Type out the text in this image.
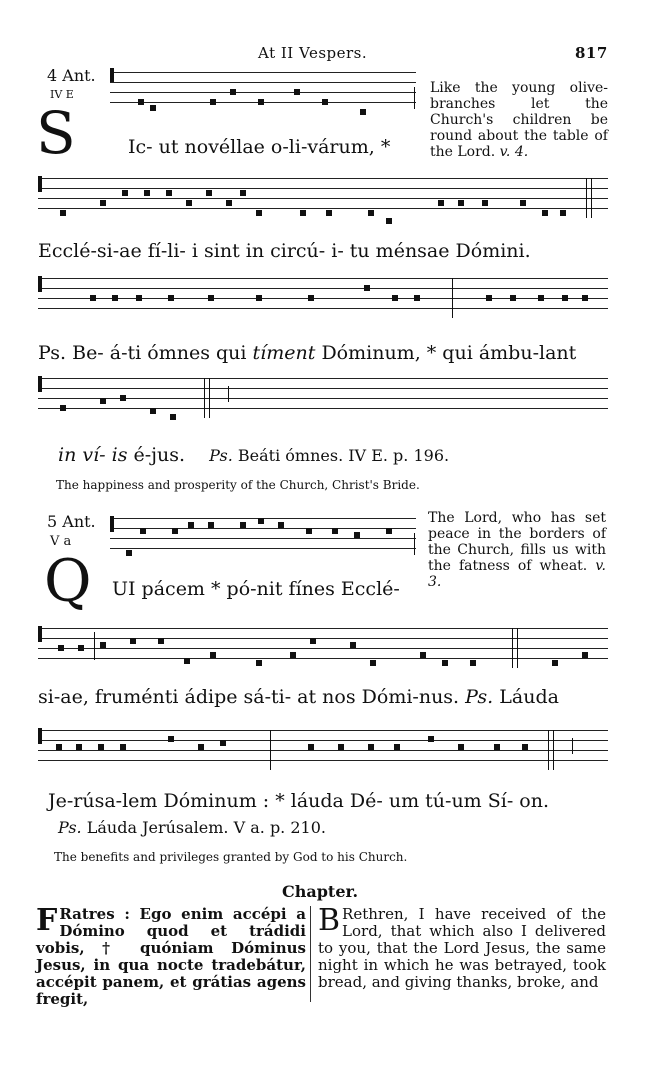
At II Vespers.	817
4 Ant.
IV E
S	Ic- ut novéllae o-li-várum, *
Like the young olive-branches let the Church's children be round about the table of the Lord. v. 4.
Ecclé-si-ae fí-li- i sint in circú- i- tu ménsae Dómini.
Ps. Be- á-ti ómnes qui tíment Dóminum, * qui ámbu-lant
in ví- is é-jus. Ps. Beáti ómnes. IV E. p. 196.
The happiness and prosperity of the Church, Christ's Bride.
5 Ant.
V a
Q UI pácem * pó-nit fínes Ecclé-
The Lord, who has set peace in the borders of the Church, fills us with the fatness of wheat. v. 3.
si-ae, fruménti ádipe sá-ti- at nos Dómi-nus. Ps. Láuda
Je-rúsa-lem Dóminum : * láuda Dé- um tú-um Sí- on.
Ps. Láuda Jerúsalem. V a. p. 210.
The benefits and privileges granted by God to his Church.
Chapter.
F Ratres : Ego enim accépi a Dómino quod et trádidi vobis, † quóniam Dóminus Jesus, in qua nocte tradebátur, accépit panem, et grátias agens fregit,
B Rethren, I have received of the Lord, that which also I delivered to you, that the Lord Jesus, the same night in which he was betrayed, took bread, and giving thanks, broke, and
